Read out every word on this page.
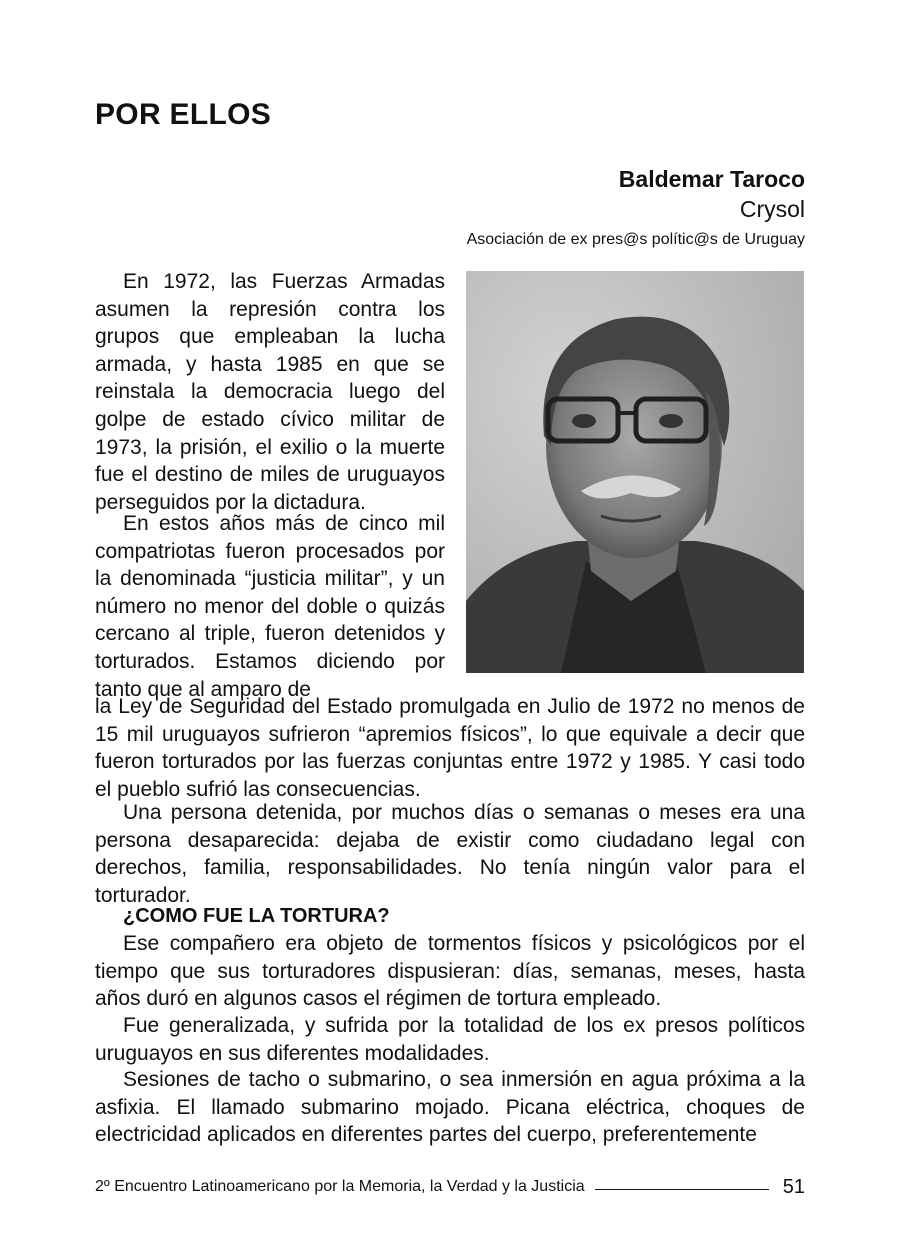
POR ELLOS
Baldemar Taroco
Crysol
Asociación de ex pres@s polític@s de Uruguay

En 1972, las Fuerzas Armadas asumen la represión contra los grupos que empleaban la lucha armada, y hasta 1985 en que se reinstala la democracia luego del golpe de estado cívico militar de 1973, la prisión, el exilio o la muerte fue el destino de miles de uruguayos perseguidos por la dictadura.

En estos años más de cinco mil compatriotas fueron procesados por la denominada “justicia militar”, y un número no menor del doble o quizás cercano al triple, fueron detenidos y torturados. Estamos diciendo por tanto que al amparo de

la Ley de Seguridad del Estado promulgada en Julio de 1972 no menos de 15 mil uruguayos sufrieron “apremios físicos”, lo que equivale a decir que fueron torturados por las fuerzas conjuntas entre 1972 y 1985. Y casi todo el pueblo sufrió las consecuencias.

Una persona detenida, por muchos días o semanas o meses era una persona desaparecida: dejaba de existir como ciudadano legal con derechos, familia, responsabilidades. No tenía ningún valor para el torturador.

¿COMO FUE LA TORTURA?

Ese compañero era objeto de tormentos físicos y psicológicos por el tiempo que sus torturadores dispusieran: días, semanas, meses, hasta años duró en algunos casos el régimen de tortura empleado.

Fue generalizada, y sufrida por la totalidad de los ex presos políticos uruguayos en sus diferentes modalidades.

Sesiones de tacho o submarino, o sea inmersión en agua próxima a la asfixia. El llamado submarino mojado. Picana eléctrica, choques de electricidad aplicados en diferentes partes del cuerpo, preferentemente

2º Encuentro Latinoamericano por la Memoria, la Verdad y la Justicia	51
